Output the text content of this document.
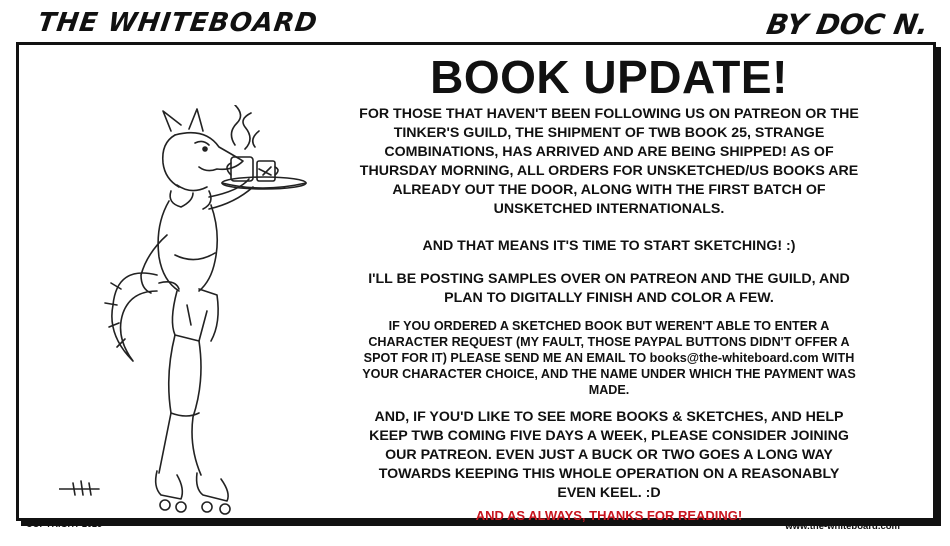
THE WHITEBOARD	BY DOC N.
BOOK UPDATE!

FOR THOSE THAT HAVEN'T BEEN FOLLOWING US ON PATREON OR THE TINKER'S GUILD, THE SHIPMENT OF TWB BOOK 25, STRANGE COMBINATIONS, HAS ARRIVED AND ARE BEING SHIPPED! AS OF THURSDAY MORNING, ALL ORDERS FOR UNSKETCHED/US BOOKS ARE ALREADY OUT THE DOOR, ALONG WITH THE FIRST BATCH OF UNSKETCHED INTERNATIONALS.

AND THAT MEANS IT'S TIME TO START SKETCHING! :)

I'LL BE POSTING SAMPLES OVER ON PATREON AND THE GUILD, AND PLAN TO DIGITALLY FINISH AND COLOR A FEW.

IF YOU ORDERED A SKETCHED BOOK BUT WEREN'T ABLE TO ENTER A CHARACTER REQUEST (MY FAULT, THOSE PAYPAL BUTTONS DIDN'T OFFER A SPOT FOR IT) PLEASE SEND ME AN EMAIL TO books@the-whiteboard.com WITH YOUR CHARACTER CHOICE, AND THE NAME UNDER WHICH THE PAYMENT WAS MADE.

AND, IF YOU'D LIKE TO SEE MORE BOOKS & SKETCHES, AND HELP KEEP TWB COMING FIVE DAYS A WEEK, PLEASE CONSIDER JOINING OUR PATREON. EVEN JUST A BUCK OR TWO GOES A LONG WAY TOWARDS KEEPING THIS WHOLE OPERATION ON A REASONABLY EVEN KEEL. :D

AND AS ALWAYS, THANKS FOR READING!

COPYRIGHT 2025	www.the-whiteboard.com
